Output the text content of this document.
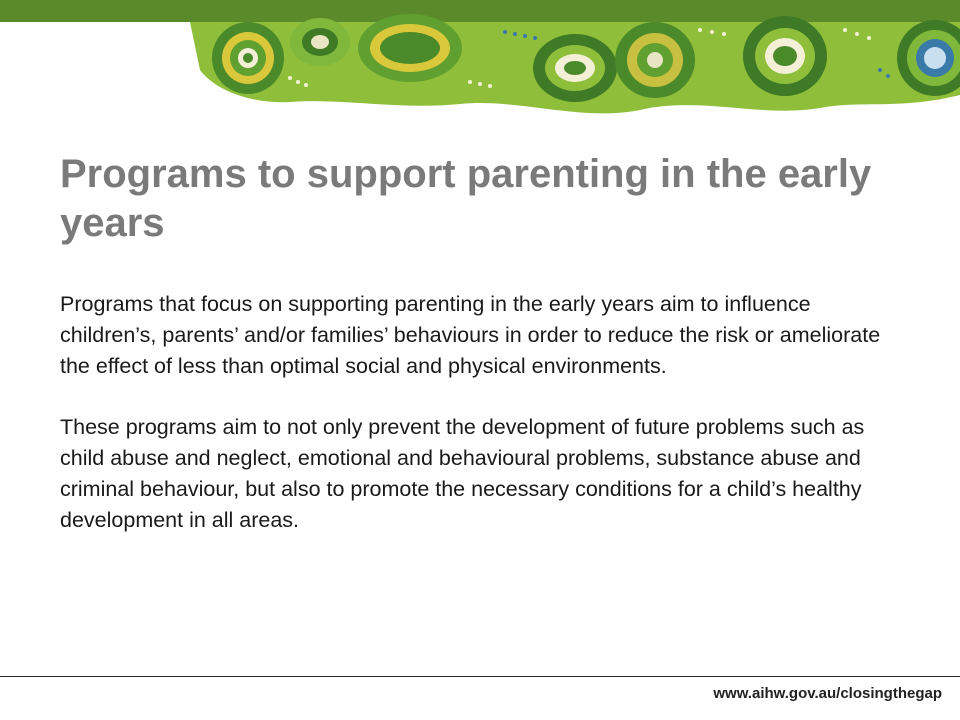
Programs to support parenting in the early years

Programs that focus on supporting parenting in the early years aim to influence children’s, parents’ and/or families’ behaviours in order to reduce the risk or ameliorate the effect of less than optimal social and physical environments.

These programs aim to not only prevent the development of future problems such as child abuse and neglect, emotional and behavioural problems, substance abuse and criminal behaviour, but also to promote the necessary conditions for a child’s healthy development in all areas.

www.aihw.gov.au/closingthegap
